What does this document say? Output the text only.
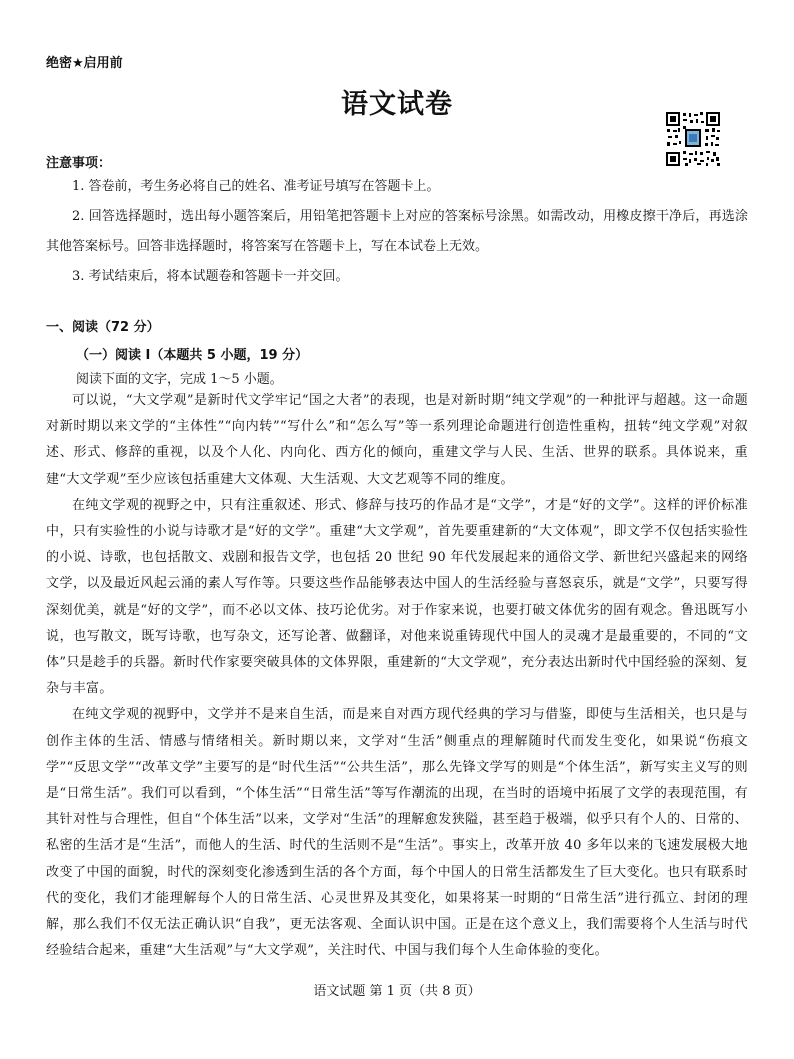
绝密★启用前
语文试卷
注意事项：

1. 答卷前，考生务必将自己的姓名、准考证号填写在答题卡上。

2. 回答选择题时，选出每小题答案后，用铅笔把答题卡上对应的答案标号涂黑。如需改动，用橡皮擦干净后，再选涂其他答案标号。回答非选择题时，将答案写在答题卡上，写在本试卷上无效。

3. 考试结束后，将本试题卷和答题卡一并交回。

一、阅读（72 分）
（一）阅读 Ⅰ（本题共 5 小题，19 分）
阅读下面的文字，完成 1～5 小题。

可以说，“大文学观”是新时代文学牢记“国之大者”的表现，也是对新时期“纯文学观”的一种批评与超越。这一命题对新时期以来文学的“主体性”“向内转”“写什么”和“怎么写”等一系列理论命题进行创造性重构，扭转“纯文学观”对叙述、形式、修辞的重视，以及个人化、内向化、西方化的倾向，重建文学与人民、生活、世界的联系。具体说来，重建“大文学观”至少应该包括重建大文体观、大生活观、大文艺观等不同的维度。

在纯文学观的视野之中，只有注重叙述、形式、修辞与技巧的作品才是“文学”，才是“好的文学”。这样的评价标准中，只有实验性的小说与诗歌才是“好的文学”。重建“大文学观”，首先要重建新的“大文体观”，即文学不仅包括实验性的小说、诗歌，也包括散文、戏剧和报告文学，也包括 20 世纪 90 年代发展起来的通俗文学、新世纪兴盛起来的网络文学，以及最近风起云涌的素人写作等。只要这些作品能够表达中国人的生活经验与喜怒哀乐，就是“文学”，只要写得深刻优美，就是“好的文学”，而不必以文体、技巧论优劣。对于作家来说，也要打破文体优劣的固有观念。鲁迅既写小说，也写散文，既写诗歌，也写杂文，还写论著、做翻译，对他来说重铸现代中国人的灵魂才是最重要的，不同的“文体”只是趁手的兵器。新时代作家要突破具体的文体界限，重建新的“大文学观”，充分表达出新时代中国经验的深刻、复杂与丰富。

在纯文学观的视野中，文学并不是来自生活，而是来自对西方现代经典的学习与借鉴，即使与生活相关，也只是与创作主体的生活、情感与情绪相关。新时期以来，文学对“生活”侧重点的理解随时代而发生变化，如果说“伤痕文学”“反思文学”“改革文学”主要写的是“时代生活”“公共生活”，那么先锋文学写的则是“个体生活”，新写实主义写的则是“日常生活”。我们可以看到，“个体生活”“日常生活”等写作潮流的出现，在当时的语境中拓展了文学的表现范围，有其针对性与合理性，但自“个体生活”以来，文学对“生活”的理解愈发狭隘，甚至趋于极端，似乎只有个人的、日常的、私密的生活才是“生活”，而他人的生活、时代的生活则不是“生活”。事实上，改革开放 40 多年以来的飞速发展极大地改变了中国的面貌，时代的深刻变化渗透到生活的各个方面，每个中国人的日常生活都发生了巨大变化。也只有联系时代的变化，我们才能理解每个人的日常生活、心灵世界及其变化，如果将某一时期的“日常生活”进行孤立、封闭的理解，那么我们不仅无法正确认识“自我”，更无法客观、全面认识中国。正是在这个意义上，我们需要将个人生活与时代经验结合起来，重建“大生活观”与“大文学观”，关注时代、中国与我们每个人生命体验的变化。

语文试题 第 1 页（共 8 页）
